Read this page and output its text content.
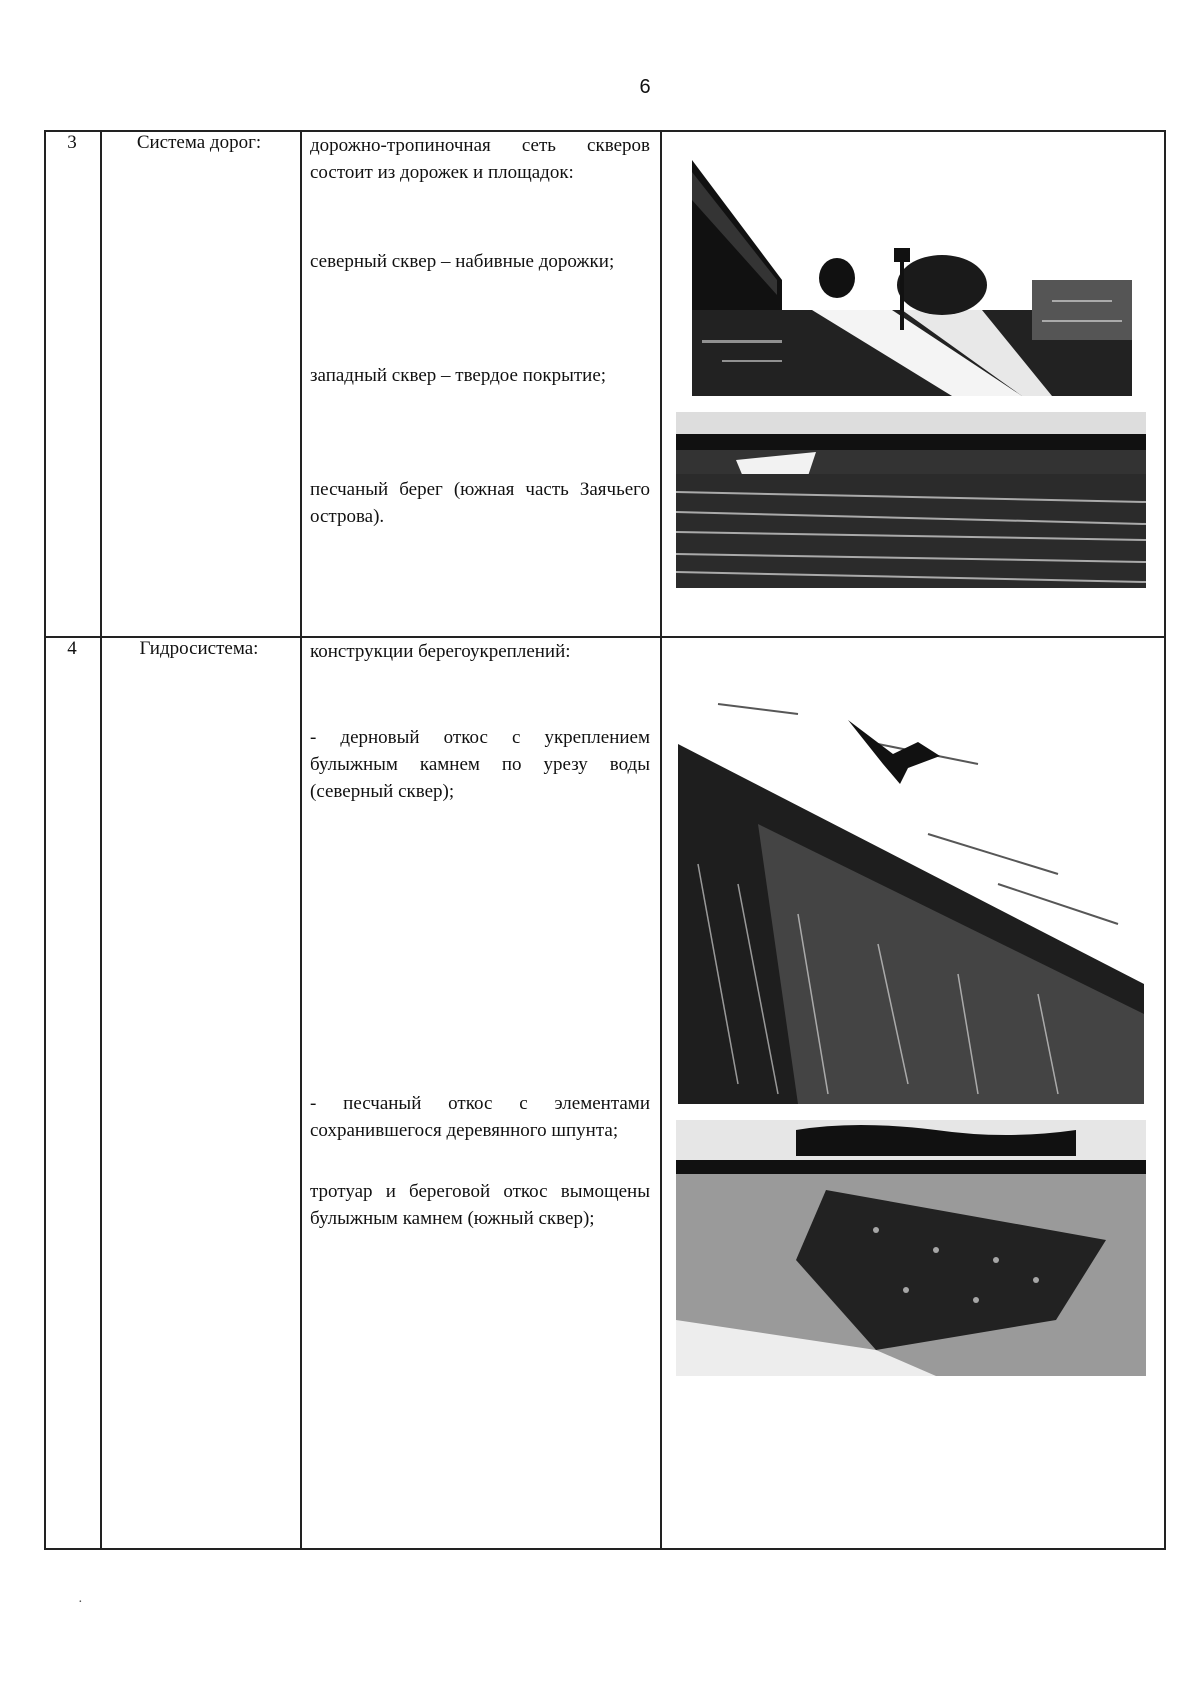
6
3	Система дорог:	дорожно-тропиночная сеть скверов состоит из дорожек и площадок:
северный сквер – набивные дорожки;
западный сквер – твердое покрытие;
песчаный берег (южная часть Заячьего острова).
4	Гидросистема:	конструкции берегоукреплений:
- дерновый откос с укреплением булыжным камнем по урезу воды (северный сквер);
- песчаный откос с элементами сохранившегося деревянного шпунта;
тротуар и береговой откос вымощены булыжным камнем (южный сквер);
·
